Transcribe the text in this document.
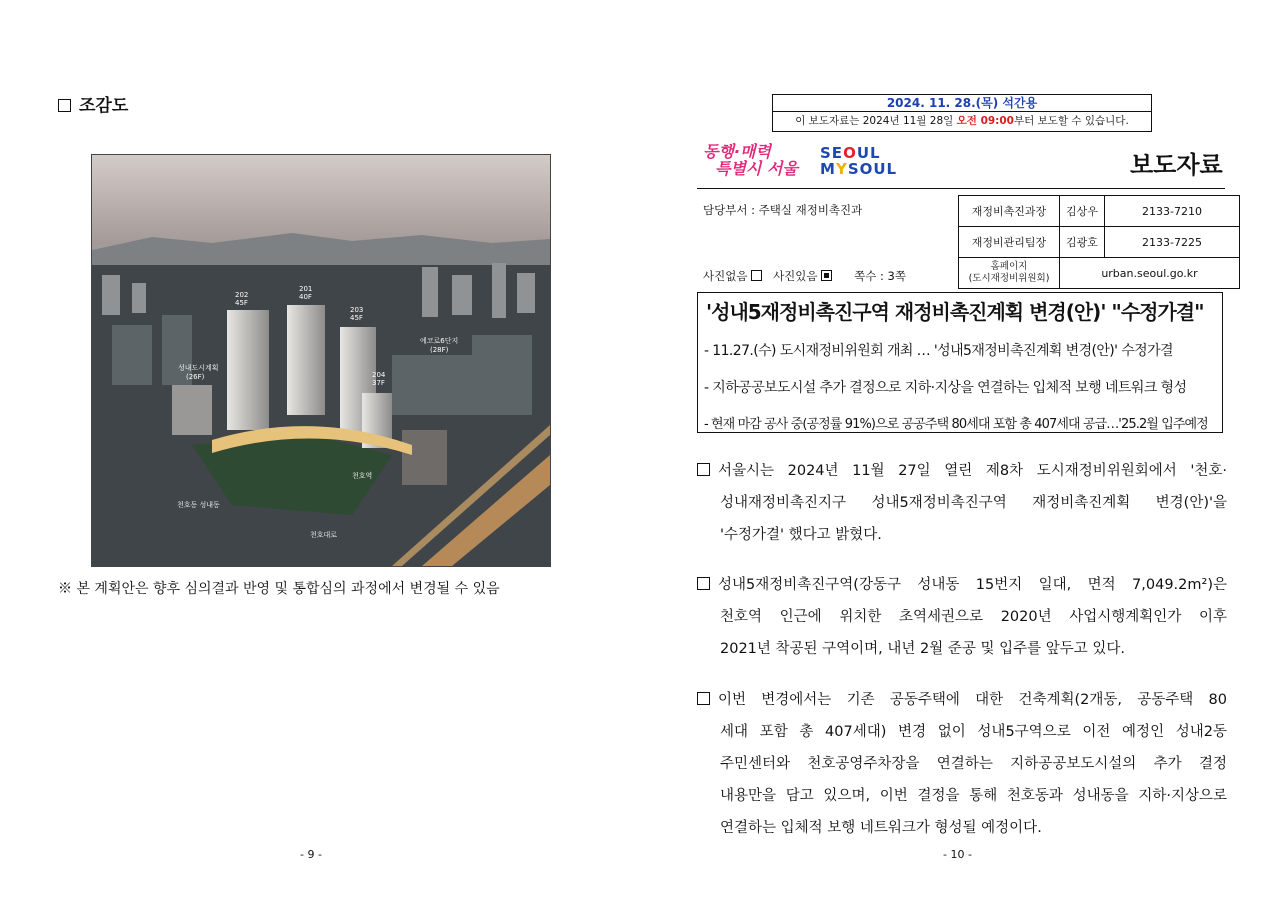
조감도
202
45F
201
40F
203
45F
204
37F
에코로6단지
(28F)
성내도시계획
(26F)
천호역
천호동 성내동
천호대로
※ 본 계획안은 향후 심의결과 반영 및 통합심의 과정에서 변경될 수 있음
- 9 -
2024. 11. 28.(목) 석간용
이 보도자료는 2024년 11월 28일 오전 09:00부터 보도할 수 있습니다.
동행·매력
특별시 서울
SEOUL
MYSOUL	보도자료
담당부서 : 주택실 재정비촉진과	재정비촉진과장	김상우	2133-7210
재정비관리팀장	김광호	2133-7225

홈페이지
(도시재정비위원회)	urban.seoul.go.kr	
사진없음 사진있음	쪽수 : 3쪽
'성내5재정비촉진구역 재정비촉진계획 변경(안)' "수정가결"
- 11.27.(수) 도시재정비위원회 개최 … '성내5재정비촉진계획 변경(안)' 수정가결
- 지하공공보도시설 추가 결정으로 지하·지상을 연결하는 입체적 보행 네트워크 형성
- 현재 마감 공사 중(공정률 91%)으로 공공주택 80세대 포함 총 407세대 공급…'25.2월 입주예정

서울시는 2024년 11월 27일 열린 제8차 도시재정비위원회에서 '천호·

성내재정비촉진지구 성내5재정비촉진구역 재정비촉진계획 변경(안)'을

'수정가결' 했다고 밝혔다.

성내5재정비촉진구역(강동구 성내동 15번지 일대, 면적 7,049.2m²)은

천호역 인근에 위치한 초역세권으로 2020년 사업시행계획인가 이후

2021년 착공된 구역이며, 내년 2월 준공 및 입주를 앞두고 있다.

이번 변경에서는 기존 공동주택에 대한 건축계획(2개동, 공동주택 80

세대 포함 총 407세대) 변경 없이 성내5구역으로 이전 예정인 성내2동

주민센터와 천호공영주차장을 연결하는 지하공공보도시설의 추가 결정

내용만을 담고 있으며, 이번 결정을 통해 천호동과 성내동을 지하·지상으로

연결하는 입체적 보행 네트워크가 형성될 예정이다.

- 10 -
